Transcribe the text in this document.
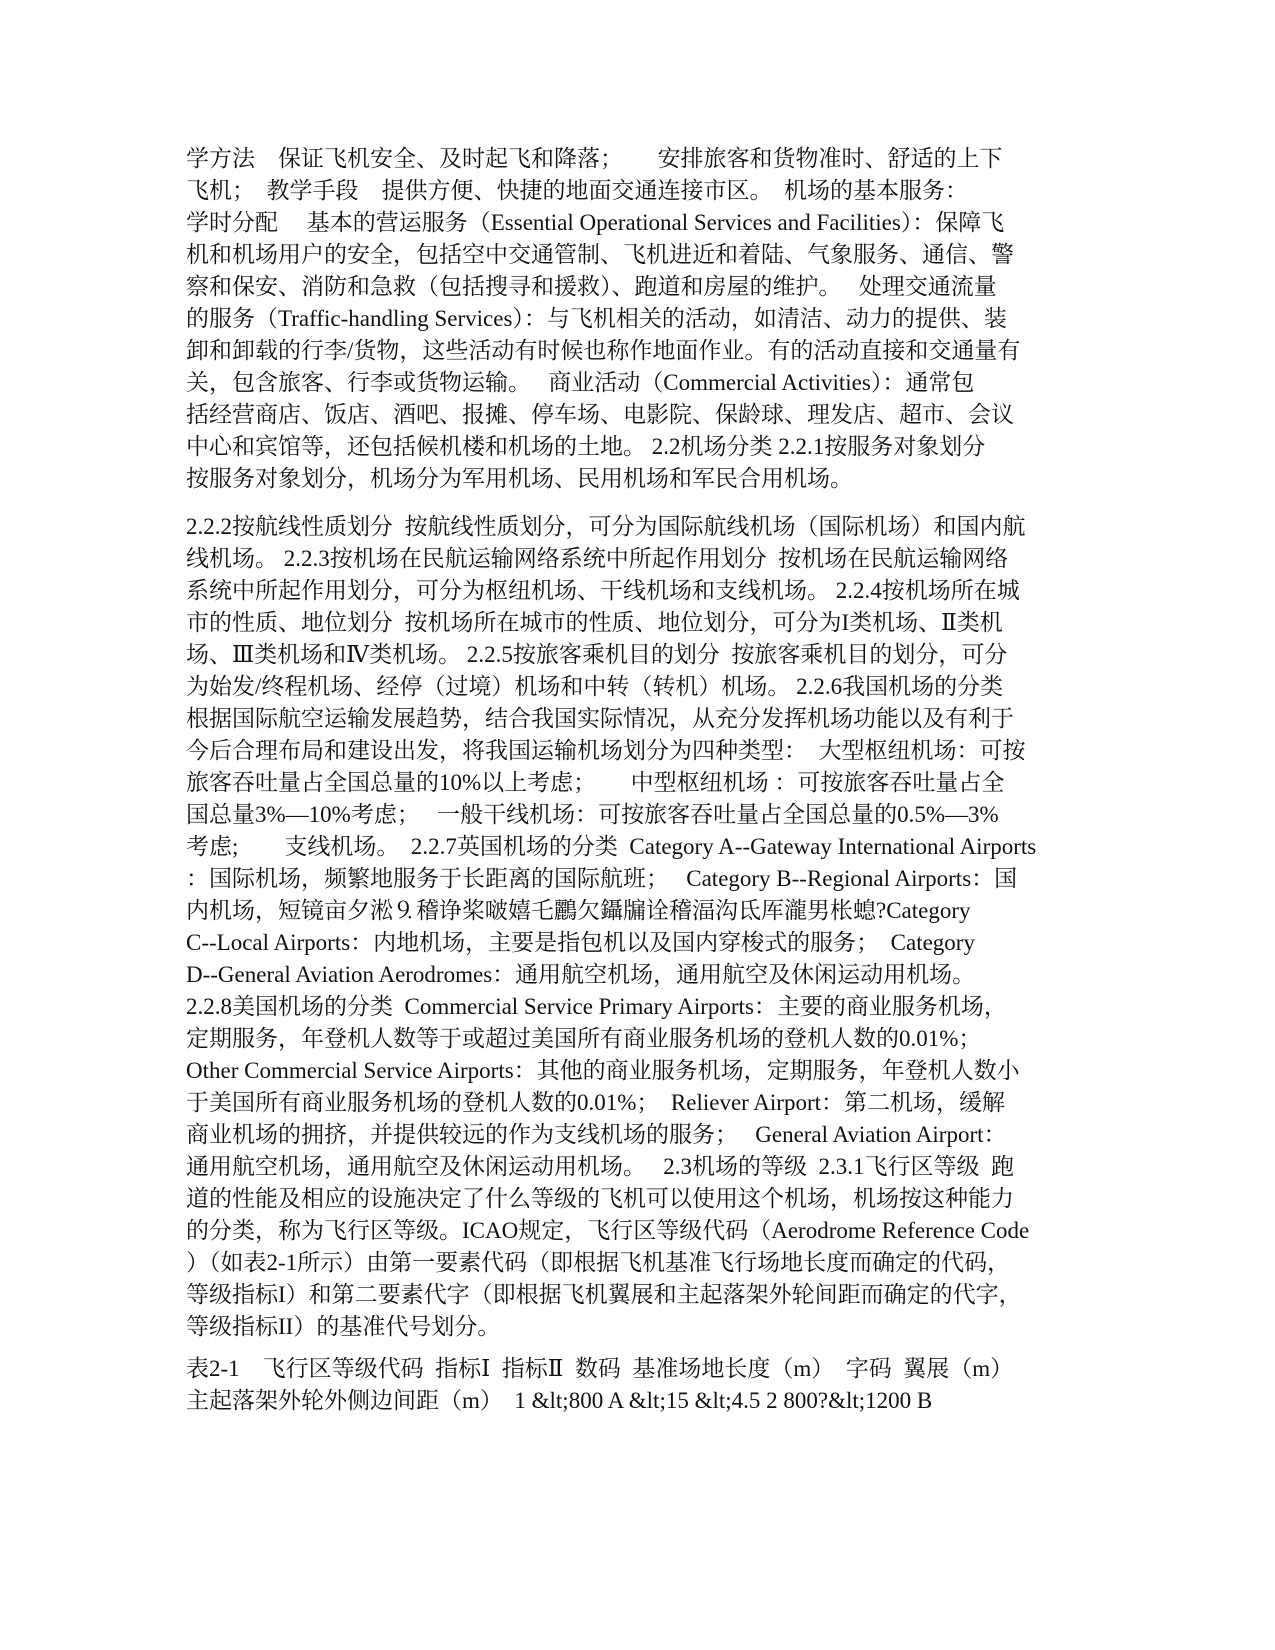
学方法　保证飞机安全、及时起飞和降落；　　安排旅客和货物准时、舒适的上下
飞机；　教学手段　提供方便、快捷的地面交通连接市区。　机场的基本服务：
学时分配　 基本的营运服务（Essential Operational Services and Facilities）：保障飞
机和机场用户的安全，包括空中交通管制、飞机进近和着陆、气象服务、通信、警
察和保安、消防和急救（包括搜寻和援救）、跑道和房屋的维护。　 处理交通流量
的服务（Traffic-handling Services）：与飞机相关的活动，如清洁、动力的提供、装
卸和卸载的行李/货物，这些活动有时候也称作地面作业。有的活动直接和交通量有
关，包含旅客、行李或货物运输。　 商业活动（Commercial Activities）：通常包
括经营商店、饭店、酒吧、报摊、停车场、电影院、保龄球、理发店、超市、会议
中心和宾馆等，还包括候机楼和机场的土地。 2.2机场分类 2.2.1按服务对象划分
按服务对象划分，机场分为军用机场、民用机场和军民合用机场。
2.2.2按航线性质划分  按航线性质划分，可分为国际航线机场（国际机场）和国内航
线机场。 2.2.3按机场在民航运输网络系统中所起作用划分  按机场在民航运输网络
系统中所起作用划分，可分为枢纽机场、干线机场和支线机场。 2.2.4按机场所在城
市的性质、地位划分  按机场所在城市的性质、地位划分，可分为I类机场、Ⅱ类机
场、Ⅲ类机场和Ⅳ类机场。 2.2.5按旅客乘机目的划分  按旅客乘机目的划分，可分
为始发/终程机场、经停（过境）机场和中转（转机）机场。 2.2.6我国机场的分类
根据国际航空运输发展趋势，结合我国实际情况，从充分发挥机场功能以及有利于
今后合理布局和建设出发，将我国运输机场划分为四种类型：　大型枢纽机场：可按
旅客吞吐量占全国总量的10%以上考虑；　　中型枢纽机场 ：可按旅客吞吐量占全
国总量3%—10%考虑；　 一般干线机场：可按旅客吞吐量占全国总量的0.5%—3%
考虑;　　支线机场。　2.2.7英国机场的分类  Category A--Gateway International Airports
：国际机场，频繁地服务于长距离的国际航班；　 Category B--Regional Airports：国
内机场，短镜亩夕淞⒐稽诤桨啵嬉乇鸝欠鑷牖诠稽湢沟氐厍瀧男枨螅?Category
C--Local Airports：内地机场，主要是指包机以及国内穿梭式的服务；　Category
D--General Aviation Aerodromes：通用航空机场，通用航空及休闲运动用机场。
2.2.8美国机场的分类  Commercial Service Primary Airports：主要的商业服务机场，
定期服务，年登机人数等于或超过美国所有商业服务机场的登机人数的0.01%；
Other Commercial Service Airports：其他的商业服务机场，定期服务，年登机人数小
于美国所有商业服务机场的登机人数的0.01%；　Reliever Airport：第二机场，缓解
商业机场的拥挤，并提供较远的作为支线机场的服务；　 General Aviation Airport：
通用航空机场，通用航空及休闲运动用机场。　 2.3机场的等级  2.3.1飞行区等级  跑
道的性能及相应的设施决定了什么等级的飞机可以使用这个机场，机场按这种能力
的分类，称为飞行区等级。ICAO规定，飞行区等级代码（Aerodrome Reference Code
）（如表2-1所示）由第一要素代码（即根据飞机基准飞行场地长度而确定的代码，
等级指标I）和第二要素代字（即根据飞机翼展和主起落架外轮间距而确定的代字，
等级指标II）的基准代号划分。
表2-1　飞行区等级代码  指标Ⅰ  指标Ⅱ  数码  基准场地长度（m）  字码  翼展（m）
主起落架外轮外侧边间距（m）  1 &lt;800 A &lt;15 &lt;4.5 2 800?&lt;1200 B
